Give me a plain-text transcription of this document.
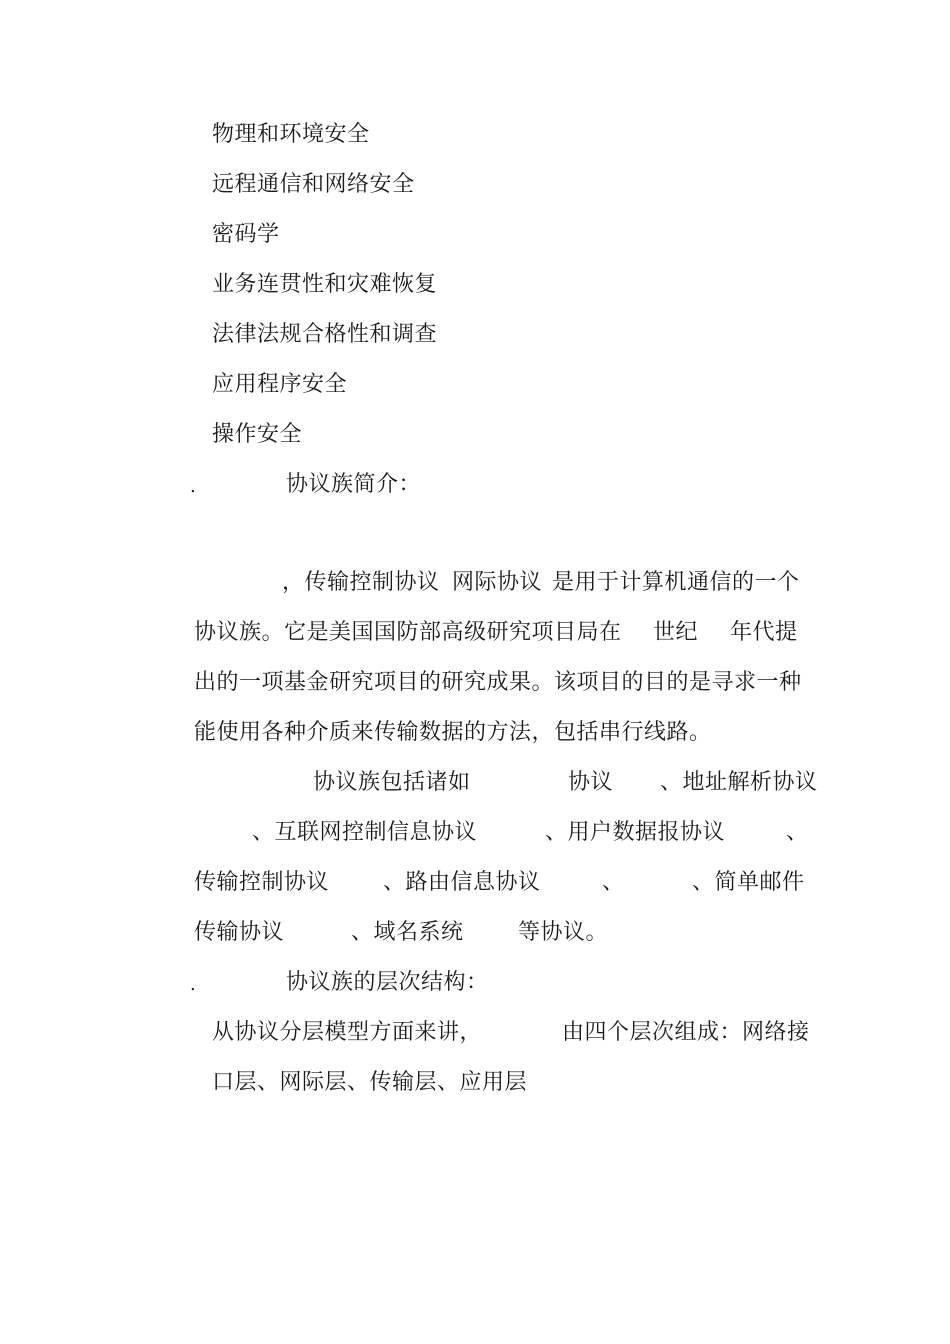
物理和环境安全
远程通信和网络安全
密码学
业务连贯性和灾难恢复
法律法规合格性和调查
应用程序安全
操作安全
.	协议族简介：
，传输控制协议 网际协议 是用于计算机通信的一个
协议族。它是美国国防部高级研究项目局在 世纪 年代提
出的一项基金研究项目的研究成果。该项目的目的是寻求一种
能使用各种介质来传输数据的方法，包括串行线路。
协议族包括诸如	协议 、地址解析协议
、互联网控制信息协议	、用户数据报协议	、
传输控制协议 、路由信息协议	、	、简单邮件
传输协议	、域名系统 等协议。
.	协议族的层次结构：
从协议分层模型方面来讲，	由四个层次组成：网络接
口层、网际层、传输层、应用层
